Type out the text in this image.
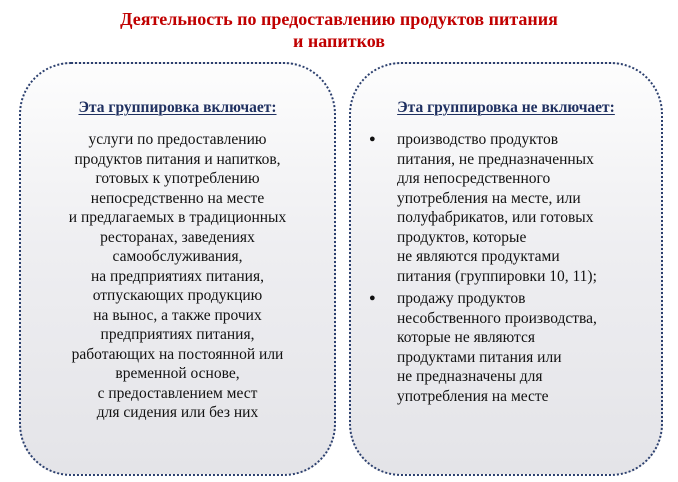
Деятельность по предоставлению продуктов питания
и напитков
Эта группировка включает:
услуги по предоставлению
продуктов питания и напитков,
готовых к употреблению
непосредственно на месте
и предлагаемых в традиционных
ресторанах, заведениях
самообслуживания,
на предприятиях питания,
отпускающих продукцию
на вынос, а также прочих
предприятиях питания,
работающих на постоянной или
временной основе,
с предоставлением мест
для сидения или без них
Эта группировка не включает:
● производство продуктов
питания, не предназначенных
для непосредственного
употребления на месте, или
полуфабрикатов, или готовых
продуктов, которые
не являются продуктами
питания (группировки 10, 11);
● продажу продуктов
несобственного производства,
которые не являются
продуктами питания или
не предназначены для
употребления на месте
